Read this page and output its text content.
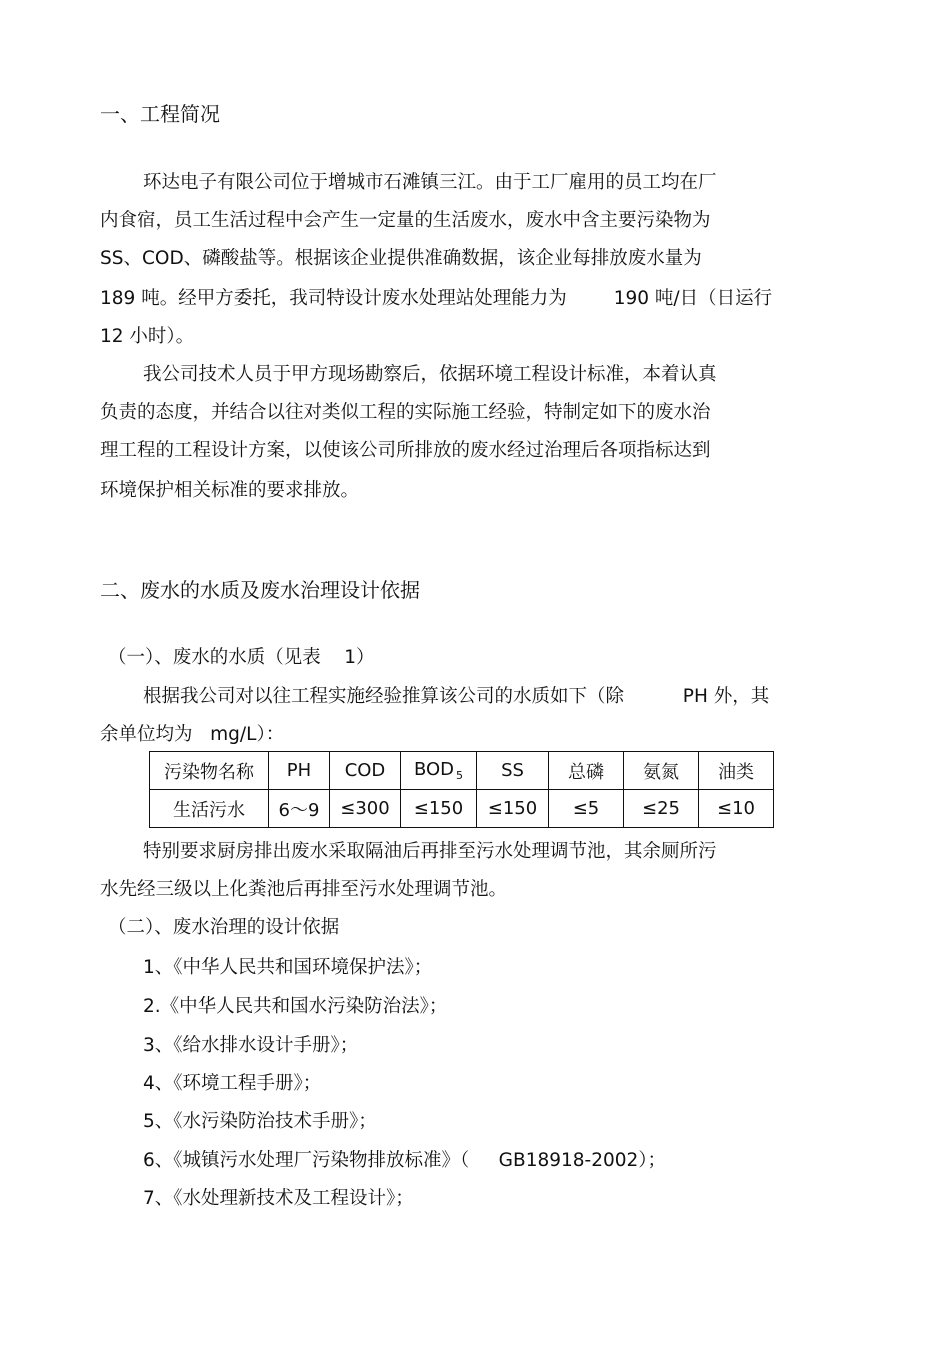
一、工程简况
环达电子有限公司位于增城市石滩镇三江。由于工厂雇用的员工均在厂
内食宿，员工生活过程中会产生一定量的生活废水，废水中含主要污染物为
SS、COD、磷酸盐等。根据该企业提供准确数据，该企业每排放废水量为
189 吨。经甲方委托，我司特设计废水处理站处理能力为        190 吨/日（日运行
12 小时）。
我公司技术人员于甲方现场勘察后，依据环境工程设计标准，本着认真
负责的态度，并结合以往对类似工程的实际施工经验，特制定如下的废水治
理工程的工程设计方案，以使该公司所排放的废水经过治理后各项指标达到
环境保护相关标准的要求排放。
二、废水的水质及废水治理设计依据
（一）、废水的水质（见表    1）
根据我公司对以往工程实施经验推算该公司的水质如下（除          PH 外，其
余单位均为   mg/L）：
污染物名称	PH	COD	BOD $_5$	SS	总磷	氨氮	油类
生活污水	6～9	≤300	≤150	≤150	≤5	≤25	≤10
特别要求厨房排出废水采取隔油后再排至污水处理调节池，其余厕所污
水先经三级以上化粪池后再排至污水处理调节池。
（二）、废水治理的设计依据
1、《中华人民共和国环境保护法》；
2.《中华人民共和国水污染防治法》；
3、《给水排水设计手册》；
4、《环境工程手册》；
5、《水污染防治技术手册》；
6、《城镇污水处理厂污染物排放标准》（     GB18918-2002）；
7、《水处理新技术及工程设计》；
